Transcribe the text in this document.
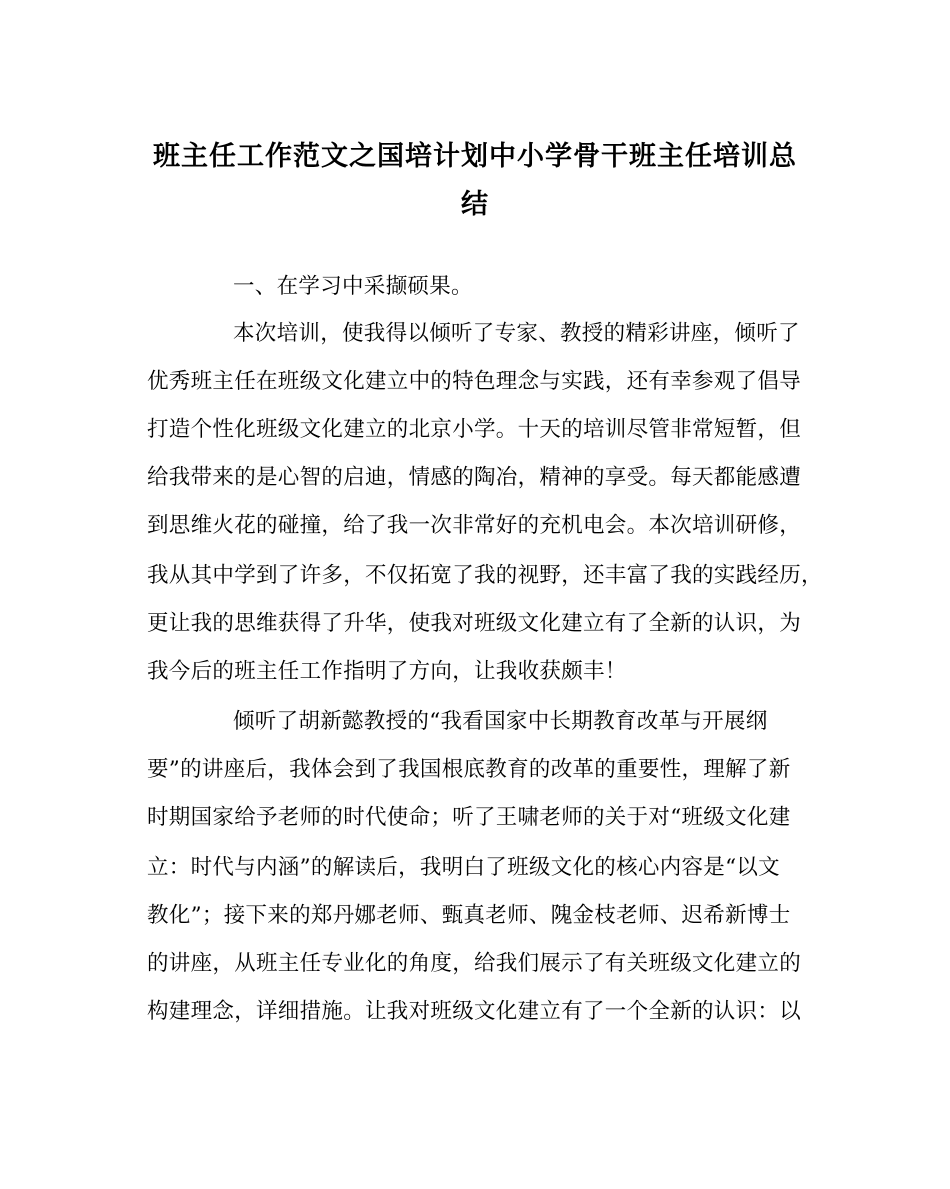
班主任工作范文之国培计划中小学骨干班主任培训总
结
一、在学习中采撷硕果。
本次培训，使我得以倾听了专家、教授的精彩讲座，倾听了
优秀班主任在班级文化建立中的特色理念与实践，还有幸参观了倡导
打造个性化班级文化建立的北京小学。十天的培训尽管非常短暂，但
给我带来的是心智的启迪，情感的陶冶，精神的享受。每天都能感遭
到思维火花的碰撞，给了我一次非常好的充机电会。本次培训研修，
我从其中学到了许多，不仅拓宽了我的视野，还丰富了我的实践经历，
更让我的思维获得了升华，使我对班级文化建立有了全新的认识，为
我今后的班主任工作指明了方向，让我收获颇丰！
倾听了胡新懿教授的“我看国家中长期教育改革与开展纲
要”的讲座后，我体会到了我国根底教育的改革的重要性，理解了新
时期国家给予老师的时代使命；听了王啸老师的关于对“班级文化建
立：时代与内涵”的解读后，我明白了班级文化的核心内容是“以文
教化”；接下来的郑丹娜老师、甄真老师、隗金枝老师、迟希新博士
的讲座，从班主任专业化的角度，给我们展示了有关班级文化建立的
构建理念，详细措施。让我对班级文化建立有了一个全新的认识：以
